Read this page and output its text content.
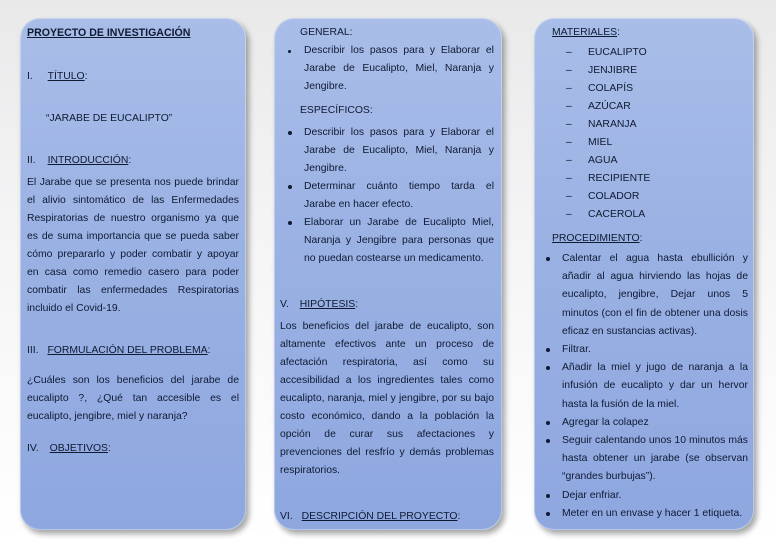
PROYECTO DE INVESTIGACIÓN
I. TÍTULO:
“JARABE DE EUCALIPTO”
II. INTRODUCCIÓN:

El Jarabe que se presenta nos puede brindar el alivio sintomático de las Enfermedades Respiratorias de nuestro organismo ya que es de suma importancia que se pueda saber cómo prepararlo y poder combatir y apoyar en casa como remedio casero para poder combatir las enfermedades Respiratorias incluido el Covid-19.

III. FORMULACIÓN DEL PROBLEMA:

¿Cuáles son los beneficios del jarabe de eucalipto ?, ¿Qué tan accesible es el eucalipto, jengibre, miel y naranja?

IV. OBJETIVOS:
GENERAL:
Describir los pasos para y Elaborar el Jarabe de Eucalipto, Miel, Naranja y Jengibre.
ESPECÍFICOS:
Describir los pasos para y Elaborar el Jarabe de Eucalipto, Miel, Naranja y Jengibre.
Determinar cuánto tiempo tarda el Jarabe en hacer efecto.
Elaborar un Jarabe de Eucalipto Miel, Naranja y Jengibre para personas que no puedan costearse un medicamento.
V. HIPÓTESIS:

Los beneficios del jarabe de eucalipto, son altamente efectivos ante un proceso de afectación respiratoria, así como su accesibilidad a los ingredientes tales como eucalipto, naranja, miel y jengibre, por su bajo costo económico, dando a la población la opción de curar sus afectaciones y prevenciones del resfrío y demás problemas respiratorios.

VI. DESCRIPCIÓN DEL PROYECTO:
MATERIALES:
– EUCALIPTO
– JENJIBRE
– COLAPÍS
– AZÚCAR
– NARANJA
– MIEL
– AGUA
– RECIPIENTE
– COLADOR
– CACEROLA
PROCEDIMIENTO:
Calentar el agua hasta ebullición y añadir al agua hirviendo las hojas de eucalipto, jengibre, Dejar unos 5 minutos (con el fin de obtener una dosis eficaz en sustancias activas).
Filtrar.
Añadir la miel y jugo de naranja a la infusión de eucalipto y dar un hervor hasta la fusión de la miel.
Agregar la colapez
Seguir calentando unos 10 minutos más hasta obtener un jarabe (se observan “grandes burbujas”).
Dejar enfriar.
Meter en un envase y hacer 1 etiqueta.
